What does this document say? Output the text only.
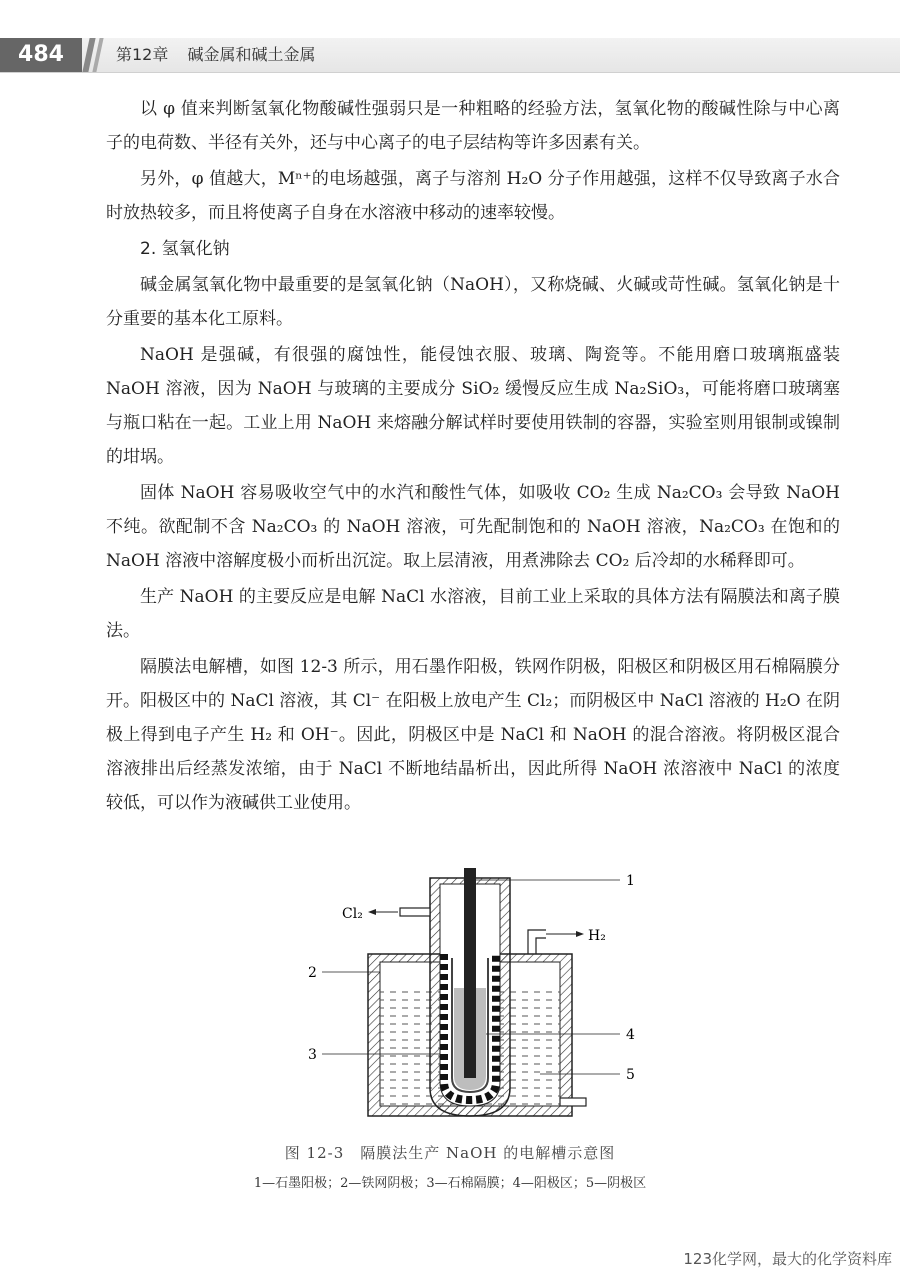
484	第12章 碱金属和碱土金属

以 φ 值来判断氢氧化物酸碱性强弱只是一种粗略的经验方法，氢氧化物的酸碱性除与中心离子的电荷数、半径有关外，还与中心离子的电子层结构等许多因素有关。

另外，φ 值越大，Mⁿ⁺的电场越强，离子与溶剂 H₂O 分子作用越强，这样不仅导致离子水合时放热较多，而且将使离子自身在水溶液中移动的速率较慢。

2. 氢氧化钠

碱金属氢氧化物中最重要的是氢氧化钠（NaOH），又称烧碱、火碱或苛性碱。氢氧化钠是十分重要的基本化工原料。

NaOH 是强碱，有很强的腐蚀性，能侵蚀衣服、玻璃、陶瓷等。不能用磨口玻璃瓶盛装 NaOH 溶液，因为 NaOH 与玻璃的主要成分 SiO₂ 缓慢反应生成 Na₂SiO₃，可能将磨口玻璃塞与瓶口粘在一起。工业上用 NaOH 来熔融分解试样时要使用铁制的容器，实验室则用银制或镍制的坩埚。

固体 NaOH 容易吸收空气中的水汽和酸性气体，如吸收 CO₂ 生成 Na₂CO₃ 会导致 NaOH 不纯。欲配制不含 Na₂CO₃ 的 NaOH 溶液，可先配制饱和的 NaOH 溶液，Na₂CO₃ 在饱和的 NaOH 溶液中溶解度极小而析出沉淀。取上层清液，用煮沸除去 CO₂ 后冷却的水稀释即可。

生产 NaOH 的主要反应是电解 NaCl 水溶液，目前工业上采取的具体方法有隔膜法和离子膜法。

隔膜法电解槽，如图 12-3 所示，用石墨作阳极，铁网作阴极，阳极区和阴极区用石棉隔膜分开。阳极区中的 NaCl 溶液，其 Cl⁻ 在阳极上放电产生 Cl₂；而阴极区中 NaCl 溶液的 H₂O 在阴极上得到电子产生 H₂ 和 OH⁻。因此，阴极区中是 NaCl 和 NaOH 的混合溶液。将阴极区混合溶液排出后经蒸发浓缩，由于 NaCl 不断地结晶析出，因此所得 NaOH 浓溶液中 NaCl 的浓度较低，可以作为液碱供工业使用。

Cl₂
H₂
1
2
3
4
5
图 12-3　隔膜法生产 NaOH 的电解槽示意图
1—石墨阳极；2—铁网阴极；3—石棉隔膜；4—阳极区；5—阴极区
123化学网，最大的化学资料库
